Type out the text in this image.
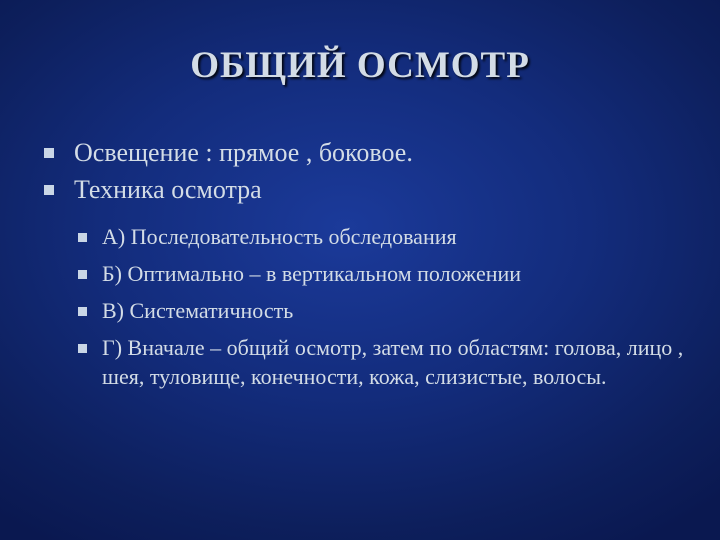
ОБЩИЙ ОСМОТР
Освещение : прямое , боковое.
Техника осмотра
А) Последовательность обследования
Б) Оптимально – в вертикальном положении
В) Систематичность
Г) Вначале – общий осмотр, затем по областям: голова, лицо , шея, туловище, конечности, кожа, слизистые, волосы.
